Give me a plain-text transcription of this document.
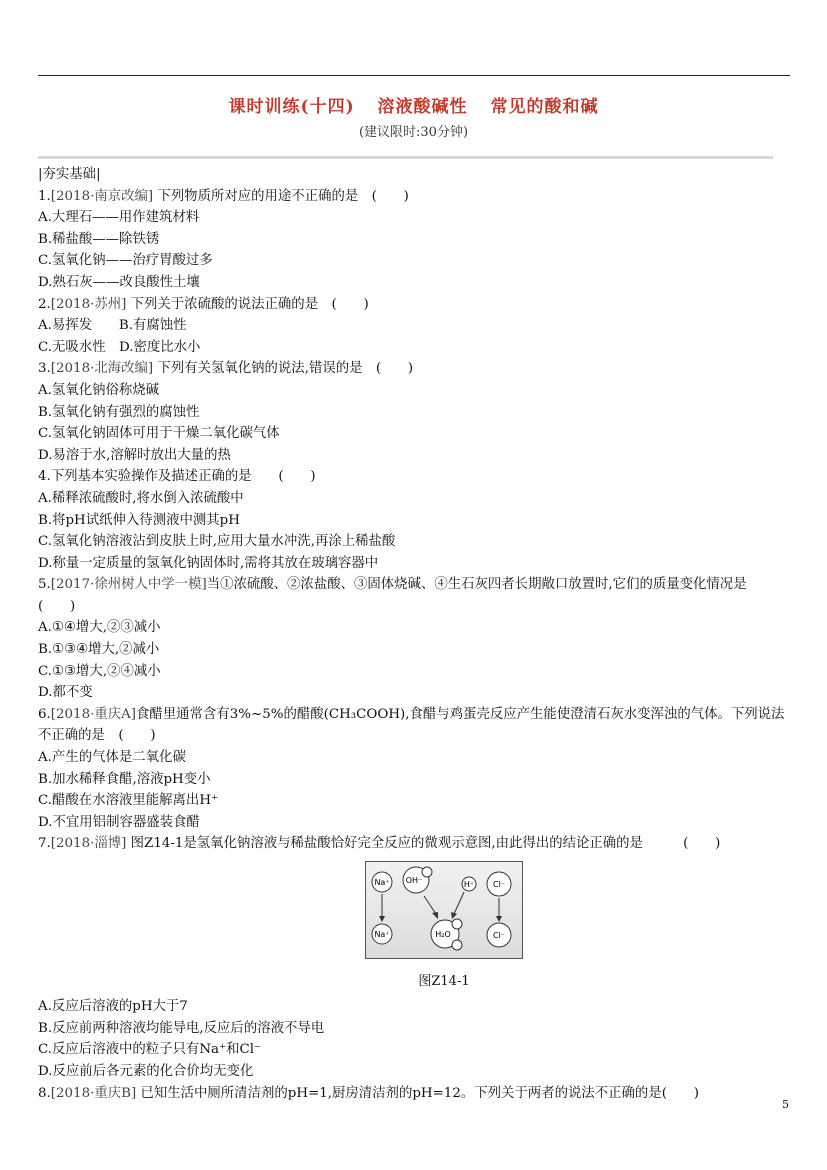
课时训练(十四) 溶液酸碱性 常见的酸和碱
(建议限时:30分钟)
|夯实基础|
1.[2018·南京改编] 下列物质所对应的用途不正确的是　(　　)
A.大理石——用作建筑材料
B.稀盐酸——除铁锈
C.氢氧化钠——治疗胃酸过多
D.熟石灰——改良酸性土壤
2.[2018·苏州] 下列关于浓硫酸的说法正确的是　(　　)
A.易挥发　　B.有腐蚀性
C.无吸水性　D.密度比水小
3.[2018·北海改编] 下列有关氢氧化钠的说法,错误的是　(　　)
A.氢氧化钠俗称烧碱
B.氢氧化钠有强烈的腐蚀性
C.氢氧化钠固体可用于干燥二氧化碳气体
D.易溶于水,溶解时放出大量的热
4.下列基本实验操作及描述正确的是　　(　　)
A.稀释浓硫酸时,将水倒入浓硫酸中
B.将pH试纸伸入待测液中测其pH
C.氢氧化钠溶液沾到皮肤上时,应用大量水冲洗,再涂上稀盐酸
D.称量一定质量的氢氧化钠固体时,需将其放在玻璃容器中
5.[2017·徐州树人中学一模]当①浓硫酸、②浓盐酸、③固体烧碱、④生石灰四者长期敞口放置时,它们的质量变化情况是　(　　)
A.①④增大,②③减小
B.①③④增大,②减小
C.①③增大,②④减小
D.都不变
6.[2018·重庆A]食醋里通常含有3%~5%的醋酸(CH₃COOH),食醋与鸡蛋壳反应产生能使澄清石灰水变浑浊的气体。下列说法不正确的是　(　　)
A.产生的气体是二氧化碳
B.加水稀释食醋,溶液pH变小
C.醋酸在水溶液里能解离出H⁺
D.不宜用铝制容器盛装食醋
7.[2018·淄博] 图Z14-1是氢氧化钠溶液与稀盐酸恰好完全反应的微观示意图,由此得出的结论正确的是　　　(　　)
Na⁺ OH⁻	H⁺ Cl⁻
Na⁺	H₂O	Cl⁻
图Z14-1
A.反应后溶液的pH大于7
B.反应前两种溶液均能导电,反应后的溶液不导电
C.反应后溶液中的粒子只有Na⁺和Cl⁻
D.反应前后各元素的化合价均无变化
8.[2018·重庆B] 已知生活中厕所清洁剂的pH=1,厨房清洁剂的pH=12。下列关于两者的说法不正确的是(　　)
5
